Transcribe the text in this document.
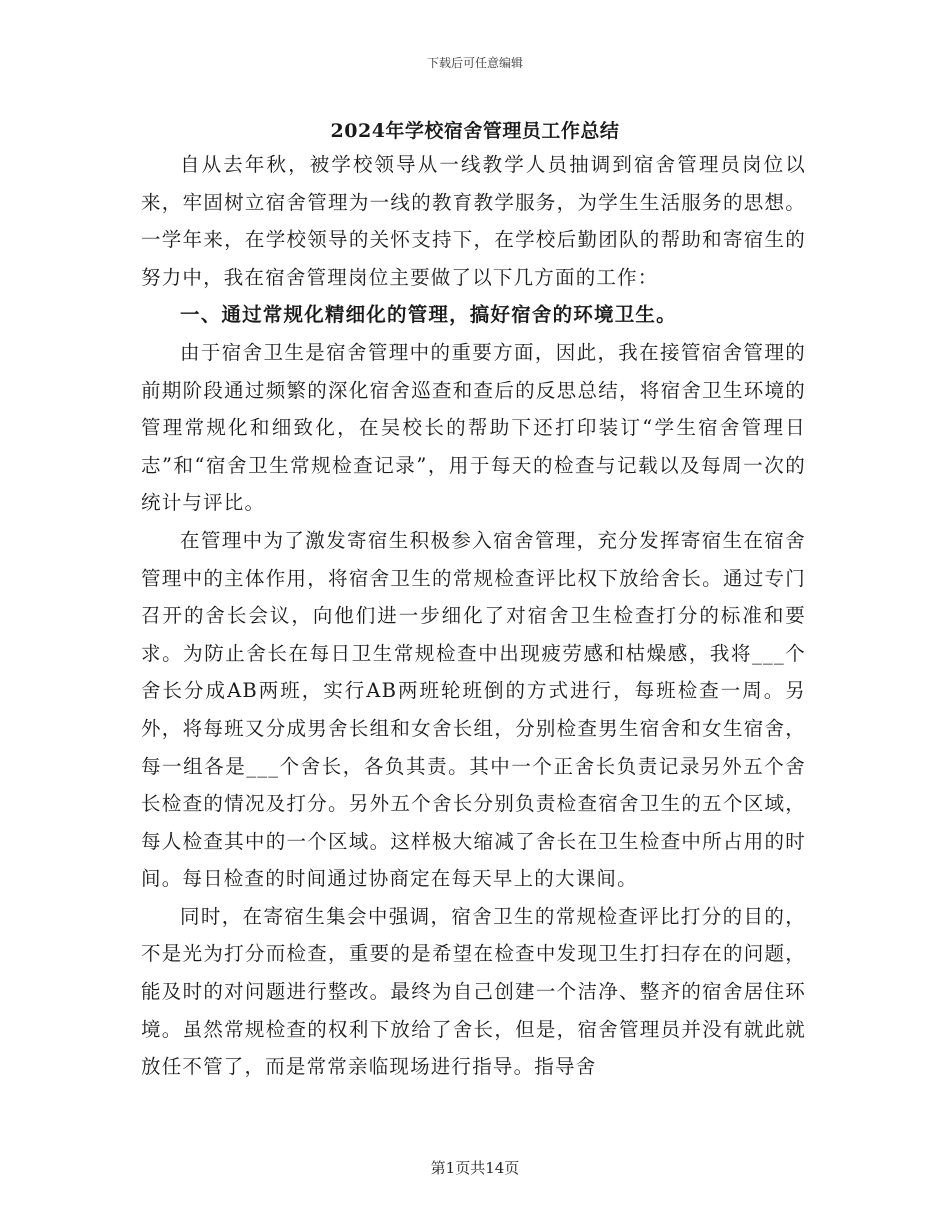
下载后可任意编辑
2024年学校宿舍管理员工作总结

自从去年秋，被学校领导从一线教学人员抽调到宿舍管理员岗位以来，牢固树立宿舍管理为一线的教育教学服务，为学生生活服务的思想。一学年来，在学校领导的关怀支持下，在学校后勤团队的帮助和寄宿生的努力中，我在宿舍管理岗位主要做了以下几方面的工作：

一、通过常规化精细化的管理，搞好宿舍的环境卫生。

由于宿舍卫生是宿舍管理中的重要方面，因此，我在接管宿舍管理的前期阶段通过频繁的深化宿舍巡查和查后的反思总结，将宿舍卫生环境的管理常规化和细致化，在吴校长的帮助下还打印装订“学生宿舍管理日志”和“宿舍卫生常规检查记录”，用于每天的检查与记载以及每周一次的统计与评比。

在管理中为了激发寄宿生积极参入宿舍管理，充分发挥寄宿生在宿舍管理中的主体作用，将宿舍卫生的常规检查评比权下放给舍长。通过专门召开的舍长会议，向他们进一步细化了对宿舍卫生检查打分的标准和要求。为防止舍长在每日卫生常规检查中出现疲劳感和枯燥感，我将___个舍长分成AB两班，实行AB两班轮班倒的方式进行，每班检查一周。另外，将每班又分成男舍长组和女舍长组，分别检查男生宿舍和女生宿舍，每一组各是___个舍长，各负其责。其中一个正舍长负责记录另外五个舍长检查的情况及打分。另外五个舍长分别负责检查宿舍卫生的五个区域，每人检查其中的一个区域。这样极大缩减了舍长在卫生检查中所占用的时间。每日检查的时间通过协商定在每天早上的大课间。

同时，在寄宿生集会中强调，宿舍卫生的常规检查评比打分的目的，不是光为打分而检查，重要的是希望在检查中发现卫生打扫存在的问题，能及时的对问题进行整改。最终为自己创建一个洁净、整齐的宿舍居住环境。虽然常规检查的权利下放给了舍长，但是，宿舍管理员并没有就此就放任不管了，而是常常亲临现场进行指导。指导舍

第1页共14页
